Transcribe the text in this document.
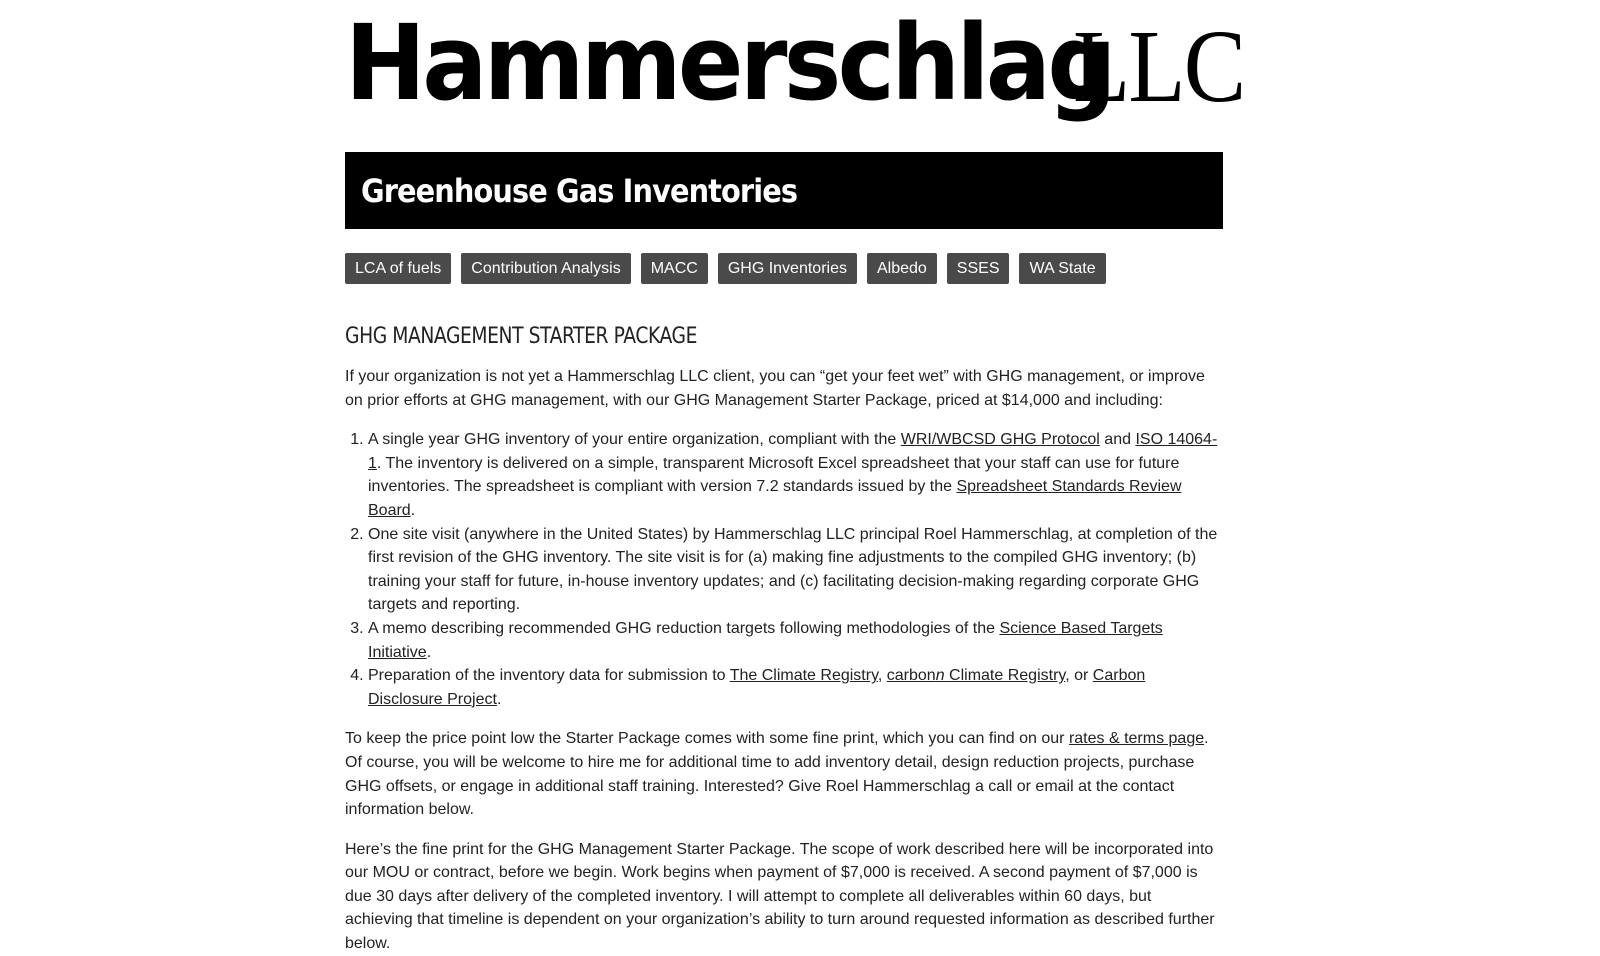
Hammerschlag
LLC
Greenhouse Gas Inventories
LCA of fuels	Contribution Analysis	MACC	GHG Inventories	Albedo	SSES	WA State
GHG MANAGEMENT STARTER PACKAGE

If your organization is not yet a Hammerschlag LLC client, you can “get your feet wet” with GHG management, or improve on prior efforts at GHG management, with our GHG Management Starter Package, priced at $14,000 and including:

1. A single year GHG inventory of your entire organization, compliant with the WRI/WBCSD GHG Protocol and ISO 14064-1. The inventory is delivered on a simple, transparent Microsoft Excel spreadsheet that your staff can use for future inventories. The spreadsheet is compliant with version 7.2 standards issued by the Spreadsheet Standards Review Board.
2. One site visit (anywhere in the United States) by Hammerschlag LLC principal Roel Hammerschlag, at completion of the first revision of the GHG inventory. The site visit is for (a) making fine adjustments to the compiled GHG inventory; (b) training your staff for future, in-house inventory updates; and (c) facilitating decision-making regarding corporate GHG targets and reporting.
3. A memo describing recommended GHG reduction targets following methodologies of the Science Based Targets Initiative.
4. Preparation of the inventory data for submission to The Climate Registry, carbonn Climate Registry, or Carbon Disclosure Project.

To keep the price point low the Starter Package comes with some fine print, which you can find on our rates & terms page. Of course, you will be welcome to hire me for additional time to add inventory detail, design reduction projects, purchase GHG offsets, or engage in additional staff training. Interested? Give Roel Hammerschlag a call or email at the contact information below.

Here’s the fine print for the GHG Management Starter Package. The scope of work described here will be incorporated into our MOU or contract, before we begin. Work begins when payment of $7,000 is received. A second payment of $7,000 is due 30 days after delivery of the completed inventory. I will attempt to complete all deliverables within 60 days, but achieving that timeline is dependent on your organization’s ability to turn around requested information as described further below.
